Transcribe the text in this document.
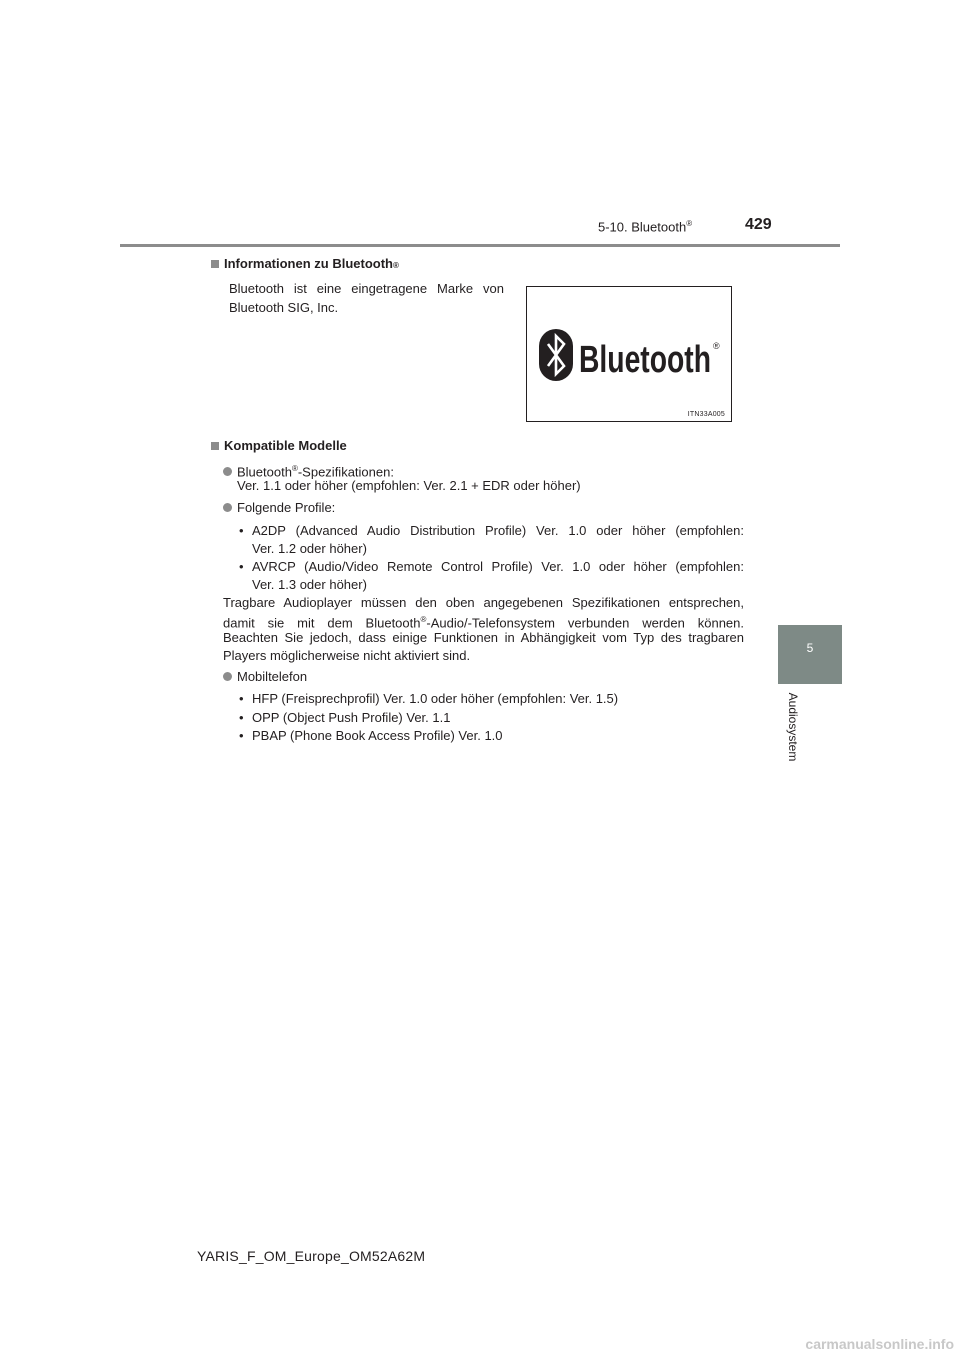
5-10. Bluetooth®	429
5
Audiosystem
Informationen zu Bluetooth ®
Bluetooth ist eine eingetragene Marke von
Bluetooth SIG, Inc.
Bluetooth ®
ITN33A005
Kompatible Modelle
Bluetooth®-Spezifikationen:
Ver. 1.1 oder höher (empfohlen: Ver. 2.1 + EDR oder höher)
Folgende Profile:
• A2DP (Advanced Audio Distribution Profile) Ver. 1.0 oder höher (empfohlen:
Ver. 1.2 oder höher)
• AVRCP (Audio/Video Remote Control Profile) Ver. 1.0 oder höher (empfohlen:
Ver. 1.3 oder höher)
Tragbare Audioplayer müssen den oben angegebenen Spezifikationen entsprechen,
damit sie mit dem Bluetooth®-Audio/-Telefonsystem verbunden werden können.
Beachten Sie jedoch, dass einige Funktionen in Abhängigkeit vom Typ des tragbaren
Players möglicherweise nicht aktiviert sind.
Mobiltelefon
• HFP (Freisprechprofil) Ver. 1.0 oder höher (empfohlen: Ver. 1.5)
• OPP (Object Push Profile) Ver. 1.1
• PBAP (Phone Book Access Profile) Ver. 1.0
YARIS_F_OM_Europe_OM52A62M
carmanualsonline.info
